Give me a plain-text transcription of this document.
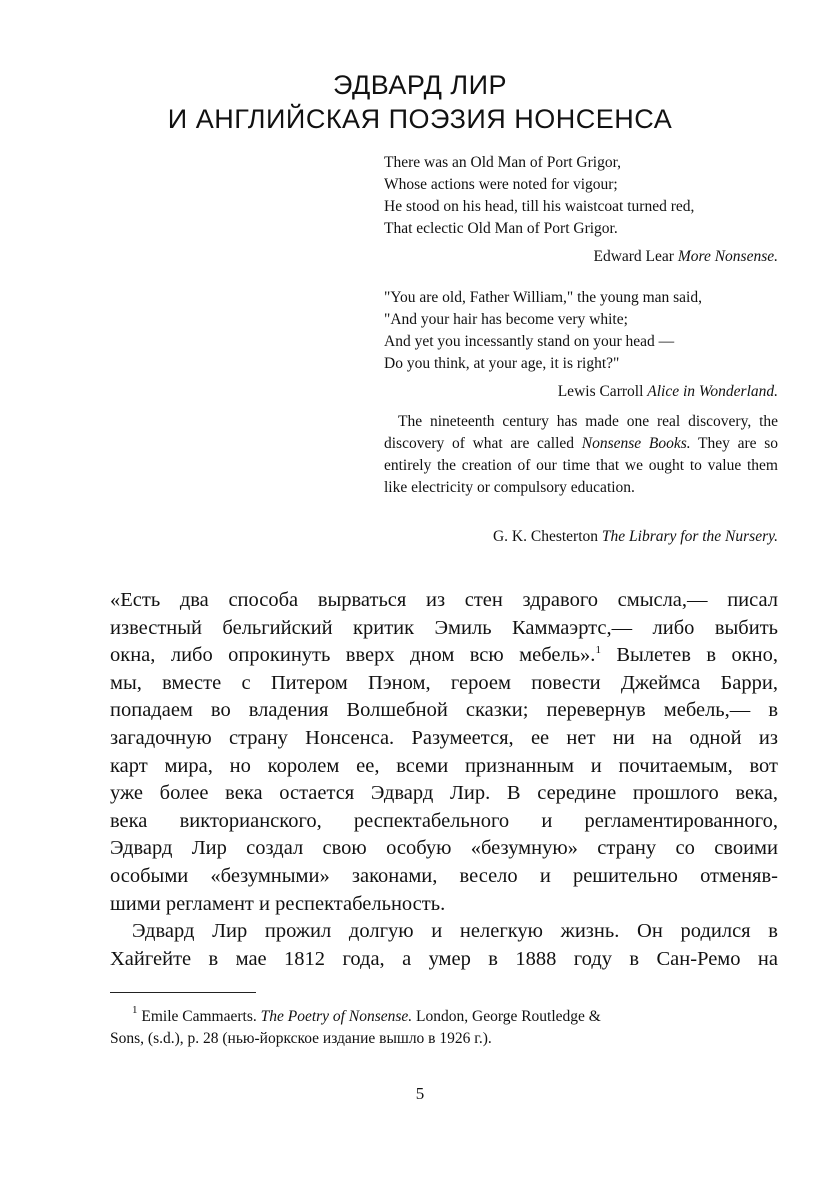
ЭДВАРД ЛИР
И АНГЛИЙСКАЯ ПОЭЗИЯ НОНСЕНСА
There was an Old Man of Port Grigor,
Whose actions were noted for vigour;
He stood on his head, till his waistcoat turned red,
That eclectic Old Man of Port Grigor.
Edward Lear More Nonsense.
"You are old, Father William," the young man said,
"And your hair has become very white;
And yet you incessantly stand on your head —
Do you think, at your age, it is right?"
Lewis Carroll Alice in Wonderland.
The nineteenth century has made one real discovery, the discovery of what are called Nonsense Books. They are so entirely the creation of our time that we ought to value them like electricity or compulsory education.
G. K. Chesterton The Library for the Nursery.
«Есть два способа вырваться из стен здравого смысла,— писал
известный бельгийский критик Эмиль Каммаэртс,— либо выбить
окна, либо опрокинуть вверх дном всю мебель».$^1$ Вылетев в окно,
мы, вместе с Питером Пэном, героем повести Джеймса Барри,
попадаем во владения Волшебной сказки; перевернув мебель,— в
загадочную страну Нонсенса. Разумеется, ее нет ни на одной из
карт мира, но королем ее, всеми признанным и почитаемым, вот
уже более века остается Эдвард Лир. В середине прошлого века,
века викторианского, респектабельного и регламентированного,
Эдвард Лир создал свою особую «безумную» страну со своими
особыми «безумными» законами, весело и решительно отменяв-
шими регламент и респектабельность.
Эдвард Лир прожил долгую и нелегкую жизнь. Он родился в
Хайгейте в мае 1812 года, а умер в 1888 году в Сан-Ремо на
$^1$ Emile Cammaerts. The Poetry of Nonsense. London, George Routledge &
Sons, (s.d.), p. 28 (нью-йоркское издание вышло в 1926 г.).
5
